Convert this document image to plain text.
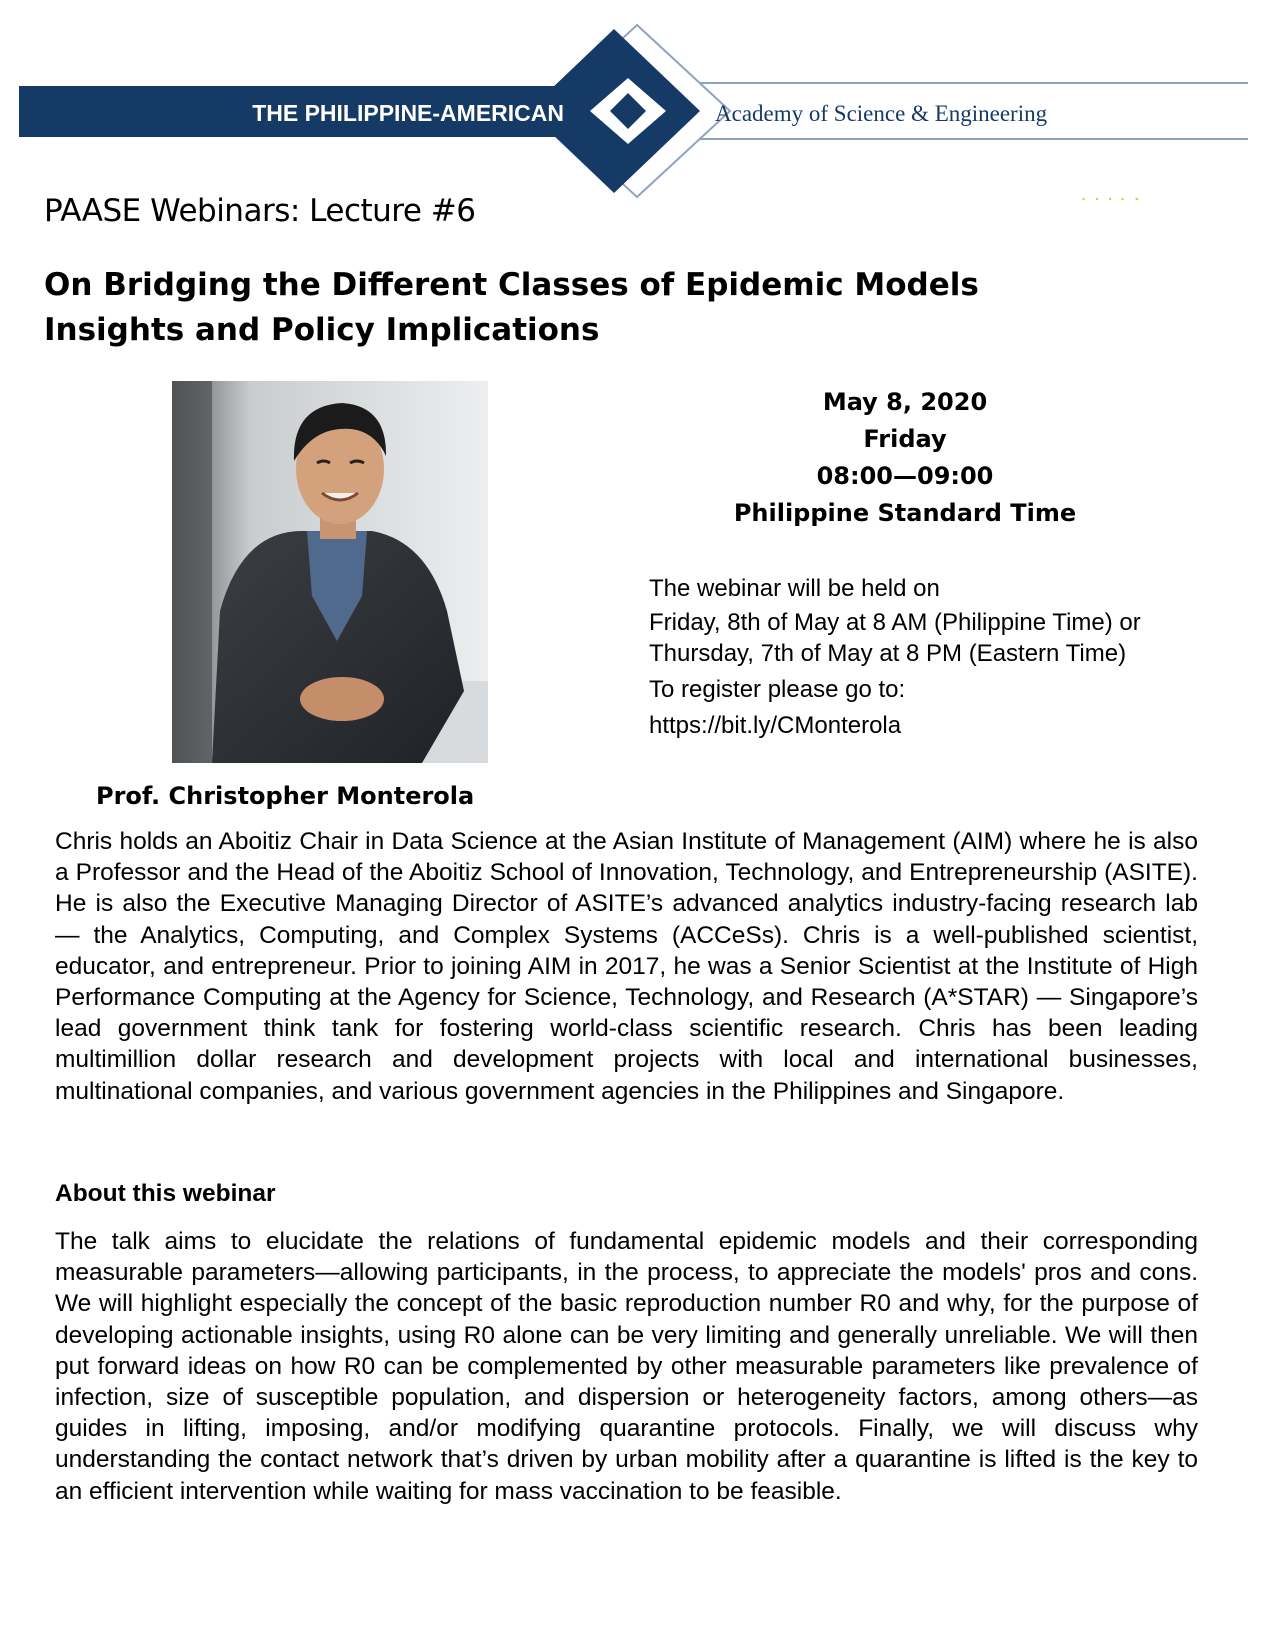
THE PHILIPPINE-AMERICAN	Academy of Science & Engineering
PAASE Webinars: Lecture #6
On Bridging the Different Classes of Epidemic Models
Insights and Policy Implications

Prof. Christopher Monterola

May 8, 2020
Friday
08:00—09:00
Philippine Standard Time

The webinar will be held on

Friday, 8th of May at 8 AM (Philippine Time) or Thursday, 7th of May at 8 PM (Eastern Time)

To register please go to:

https://bit.ly/CMonterola

Chris holds an Aboitiz Chair in Data Science at the Asian Institute of Management (AIM) where he is also a Professor and the Head of the Aboitiz School of Innovation, Technology, and Entrepreneurship (ASITE). He is also the Executive Managing Director of ASITE’s advanced analytics industry-facing research lab — the Analytics, Computing, and Complex Systems (ACCeSs). Chris is a well-published scientist, educator, and entrepreneur. Prior to joining AIM in 2017, he was a Senior Scientist at the Institute of High Performance Computing at the Agency for Science, Technology, and Research (A*STAR) — Singapore’s lead government think tank for fostering world-class scientific research. Chris has been leading multimillion dollar research and development projects with local and international businesses, multinational companies, and various government agencies in the Philippines and Singapore.

About this webinar

The talk aims to elucidate the relations of fundamental epidemic models and their corresponding measurable parameters—allowing participants, in the process, to appreciate the models' pros and cons. We will highlight especially the concept of the basic reproduction number R0 and why, for the purpose of developing actionable insights, using R0 alone can be very limiting and generally unreliable. We will then put forward ideas on how R0 can be complemented by other measurable parameters like prevalence of infection, size of susceptible population, and dispersion or heterogeneity factors, among others—as guides in lifting, imposing, and/or modifying quarantine protocols. Finally, we will discuss why understanding the contact network that’s driven by urban mobility after a quarantine is lifted is the key to an efficient intervention while waiting for mass vaccination to be feasible.
